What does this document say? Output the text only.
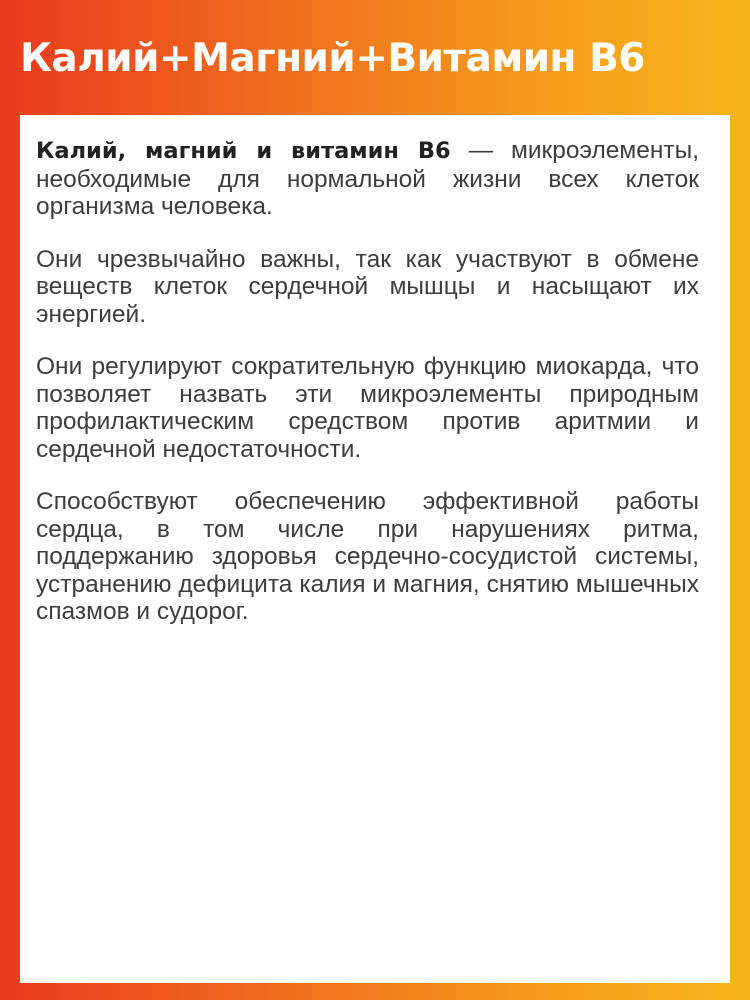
Калий+Магний+Витамин В6

Калий, магний и витамин В6 — микроэлементы, необходимые для нормальной жизни всех клеток организма человека.

Они чрезвычайно важны, так как участвуют в обмене веществ клеток сердечной мышцы и насыщают их энергией.

Они регулируют сократительную функцию миокарда, что позволяет назвать эти микроэлементы природным профилактическим средством против аритмии и сердечной недостаточности.

Способствуют обеспечению эффективной работы сердца, в том числе при нарушениях ритма, поддержанию здоровья сердечно-сосудистой системы, устранению дефицита калия и магния, снятию мышечных спазмов и судорог.
